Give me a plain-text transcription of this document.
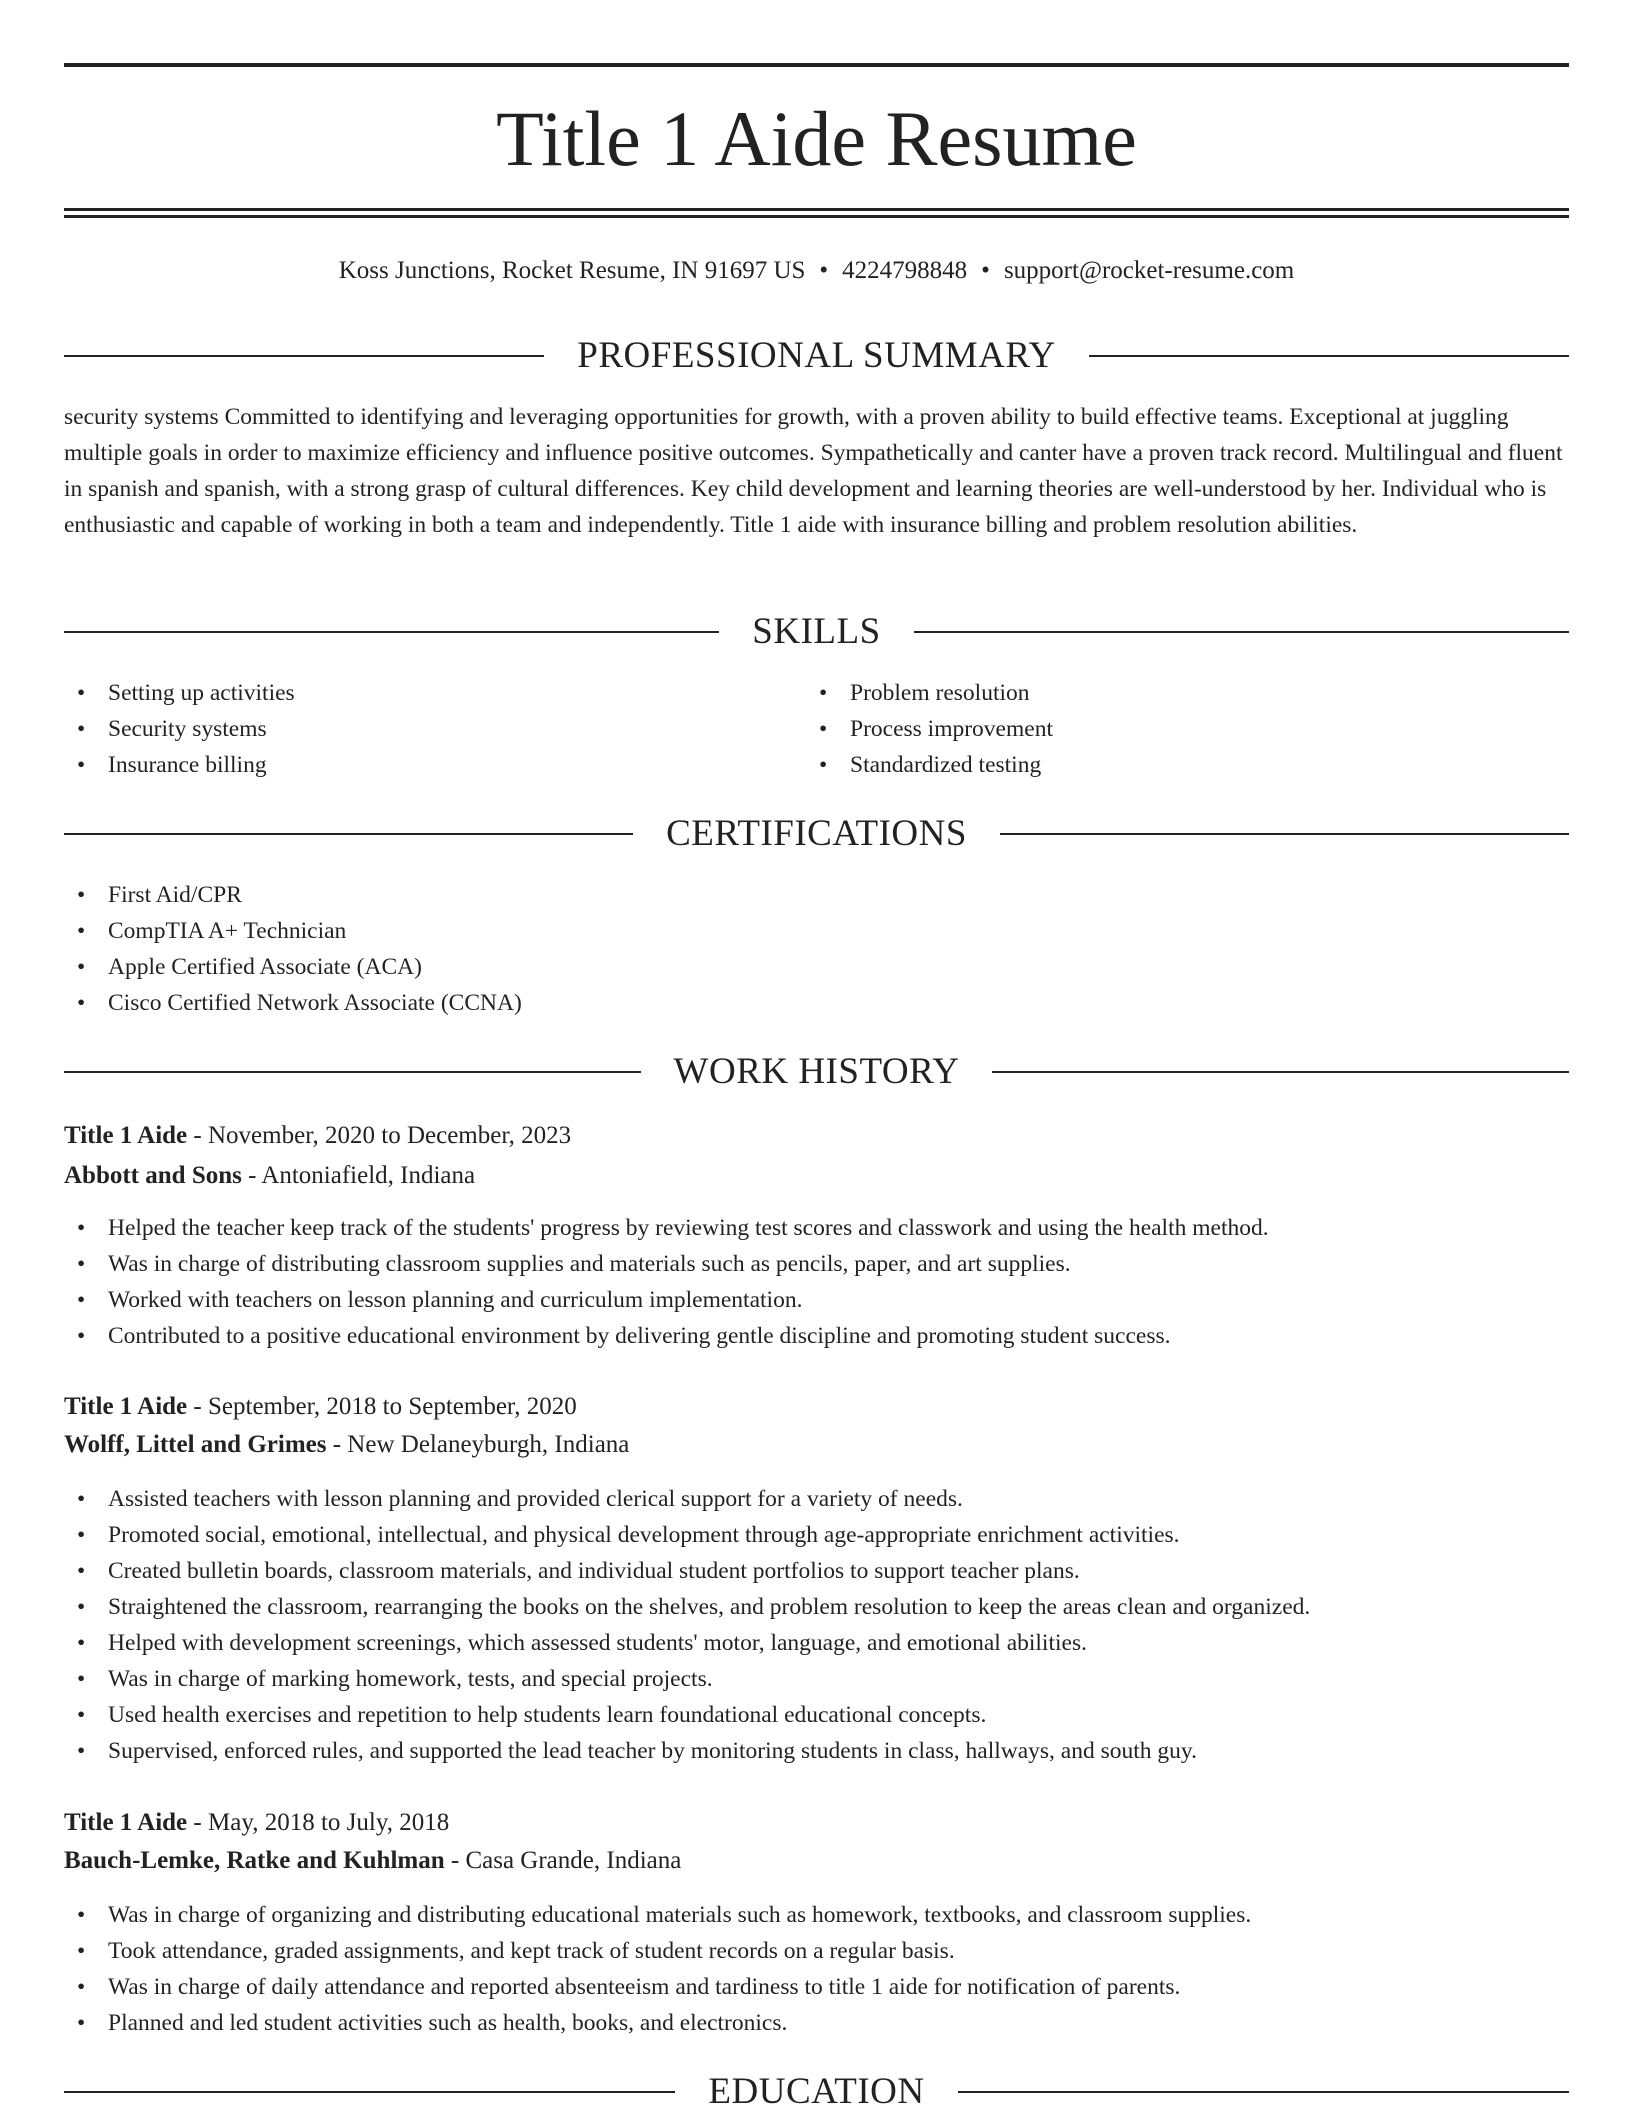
Title 1 Aide Resume
Koss Junctions, Rocket Resume, IN 91697 US • 4224798848 • support@rocket-resume.com
PROFESSIONAL SUMMARY

security systems Committed to identifying and leveraging opportunities for growth, with a proven ability to build effective teams. Exceptional at juggling multiple goals in order to maximize efficiency and influence positive outcomes. Sympathetically and canter have a proven track record. Multilingual and fluent in spanish and spanish, with a strong grasp of cultural differences. Key child development and learning theories are well-understood by her. Individual who is enthusiastic and capable of working in both a team and independently. Title 1 aide with insurance billing and problem resolution abilities.

SKILLS
• Setting up activities
• Security systems
• Insurance billing
• Problem resolution
• Process improvement
• Standardized testing
CERTIFICATIONS
• First Aid/CPR
• CompTIA A+ Technician
• Apple Certified Associate (ACA)
• Cisco Certified Network Associate (CCNA)
WORK HISTORY
Title 1 Aide - November, 2020 to December, 2023
Abbott and Sons - Antoniafield, Indiana
• Helped the teacher keep track of the students' progress by reviewing test scores and classwork and using the health method.
• Was in charge of distributing classroom supplies and materials such as pencils, paper, and art supplies.
• Worked with teachers on lesson planning and curriculum implementation.
• Contributed to a positive educational environment by delivering gentle discipline and promoting student success.
Title 1 Aide - September, 2018 to September, 2020
Wolff, Littel and Grimes - New Delaneyburgh, Indiana
• Assisted teachers with lesson planning and provided clerical support for a variety of needs.
• Promoted social, emotional, intellectual, and physical development through age-appropriate enrichment activities.
• Created bulletin boards, classroom materials, and individual student portfolios to support teacher plans.
• Straightened the classroom, rearranging the books on the shelves, and problem resolution to keep the areas clean and organized.
• Helped with development screenings, which assessed students' motor, language, and emotional abilities.
• Was in charge of marking homework, tests, and special projects.
• Used health exercises and repetition to help students learn foundational educational concepts.
• Supervised, enforced rules, and supported the lead teacher by monitoring students in class, hallways, and south guy.
Title 1 Aide - May, 2018 to July, 2018
Bauch-Lemke, Ratke and Kuhlman - Casa Grande, Indiana
• Was in charge of organizing and distributing educational materials such as homework, textbooks, and classroom supplies.
• Took attendance, graded assignments, and kept track of student records on a regular basis.
• Was in charge of daily attendance and reported absenteeism and tardiness to title 1 aide for notification of parents.
• Planned and led student activities such as health, books, and electronics.
EDUCATION
